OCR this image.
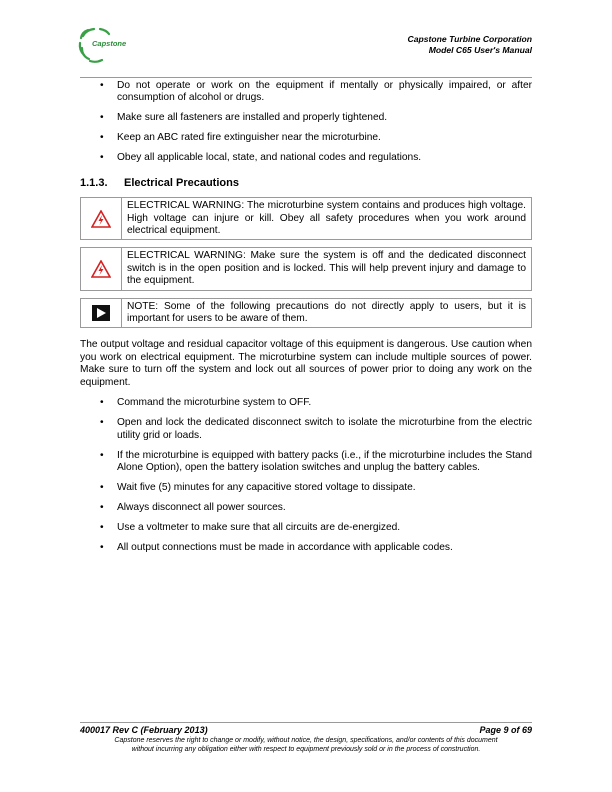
Capstone	Capstone Turbine Corporation
Model C65 User's Manual
• Do not operate or work on the equipment if mentally or physically impaired, or after consumption of alcohol or drugs.
• Make sure all fasteners are installed and properly tightened.
• Keep an ABC rated fire extinguisher near the microturbine.
• Obey all applicable local, state, and national codes and regulations.
1.1.3. Electrical Precautions
ELECTRICAL WARNING: The microturbine system contains and produces high voltage. High voltage can injure or kill. Obey all safety procedures when you work around electrical equipment.
ELECTRICAL WARNING: Make sure the system is off and the dedicated disconnect switch is in the open position and is locked. This will help prevent injury and damage to the equipment.
NOTE: Some of the following precautions do not directly apply to users, but it is important for users to be aware of them.
The output voltage and residual capacitor voltage of this equipment is dangerous. Use caution when you work on electrical equipment. The microturbine system can include multiple sources of power. Make sure to turn off the system and lock out all sources of power prior to doing any work on the equipment.
• Command the microturbine system to OFF.
• Open and lock the dedicated disconnect switch to isolate the microturbine from the electric utility grid or loads.
• If the microturbine is equipped with battery packs (i.e., if the microturbine includes the Stand Alone Option), open the battery isolation switches and unplug the battery cables.
• Wait five (5) minutes for any capacitive stored voltage to dissipate.
• Always disconnect all power sources.
• Use a voltmeter to make sure that all circuits are de-energized.
• All output connections must be made in accordance with applicable codes.
400017 Rev C (February 2013)	Page 9 of 69
Capstone reserves the right to change or modify, without notice, the design, specifications, and/or contents of this document
without incurring any obligation either with respect to equipment previously sold or in the process of construction.
